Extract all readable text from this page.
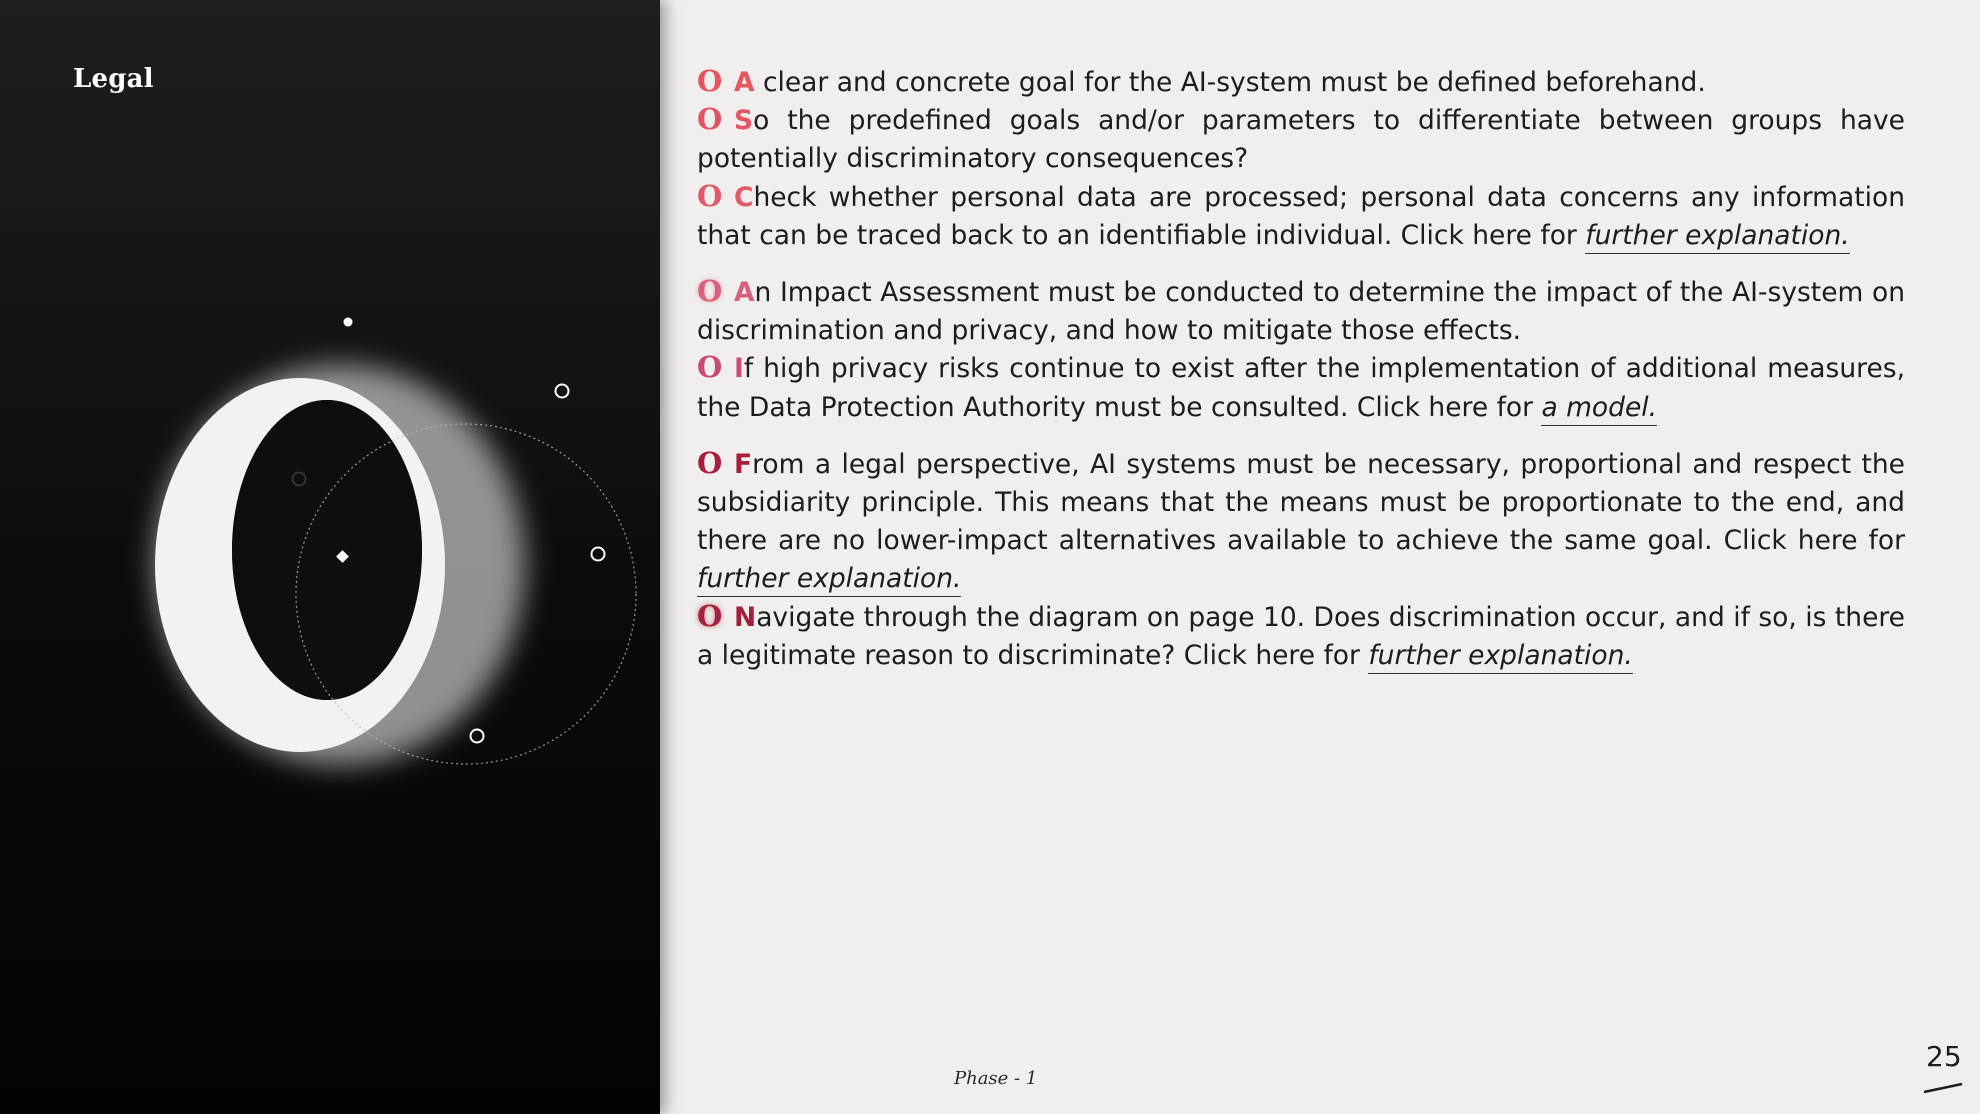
Legal	O A clear and concrete goal for the AI-system must be defined beforehand.

O So the predefined goals and/or parameters to differentiate between groups have potentially discriminatory consequences?

O Check whether personal data are processed; personal data concerns any information that can be traced back to an identifiable individual. Click here for further explanation.

O An Impact Assessment must be conducted to determine the impact of the AI-system on discrimination and privacy, and how to mitigate those effects.

O If high privacy risks continue to exist after the implementation of additional measures, the Data Protection Authority must be consulted. Click here for a model.

O From a legal perspective, AI systems must be necessary, proportional and respect the subsidiarity principle. This means that the means must be proportionate to the end, and there are no lower-impact alternatives available to achieve the same goal. Click here for further explanation.

O Navigate through the diagram on page 10. Does discrimination occur, and if so, is there a legitimate reason to discriminate? Click here for further explanation.

Phase - 1
25
